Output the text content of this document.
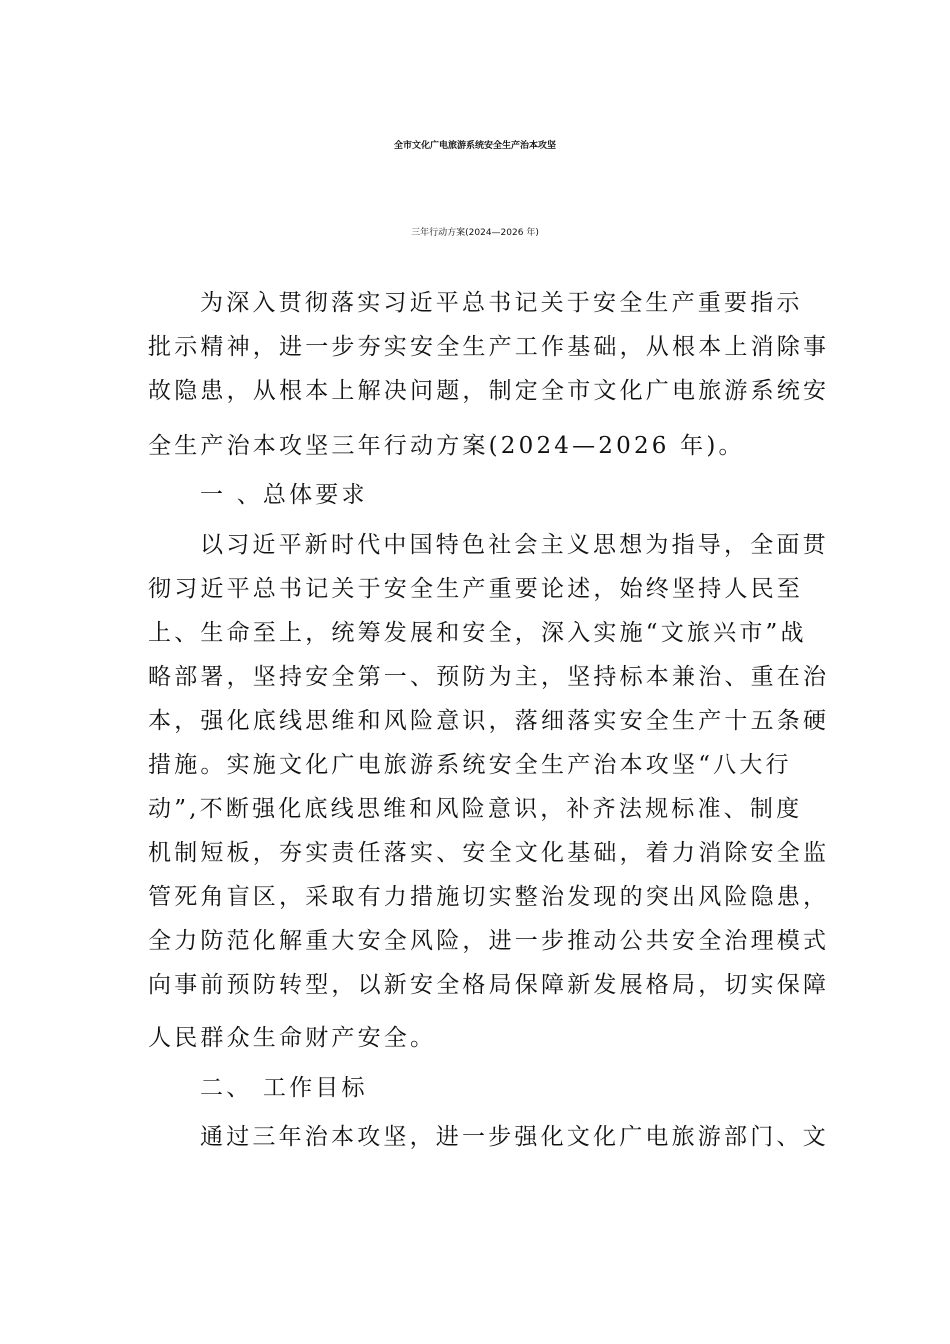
全市文化广电旅游系统安全生产治本攻坚
三年行动方案(2024—2026 年)
为深入贯彻落实习近平总书记关于安全生产重要指示
批示精神，进一步夯实安全生产工作基础，从根本上消除事
故隐患，从根本上解决问题，制定全市文化广电旅游系统安
全生产治本攻坚三年行动方案(2024—2026 年)。
一 、总体要求
以习近平新时代中国特色社会主义思想为指导，全面贯
彻习近平总书记关于安全生产重要论述，始终坚持人民至
上、生命至上，统筹发展和安全，深入实施“文旅兴市”战
略部署，坚持安全第一、预防为主，坚持标本兼治、重在治
本，强化底线思维和风险意识，落细落实安全生产十五条硬
措施。实施文化广电旅游系统安全生产治本攻坚“八大行
动”,不断强化底线思维和风险意识，补齐法规标准、制度
机制短板，夯实责任落实、安全文化基础，着力消除安全监
管死角盲区，采取有力措施切实整治发现的突出风险隐患，
全力防范化解重大安全风险，进一步推动公共安全治理模式
向事前预防转型，以新安全格局保障新发展格局，切实保障
人民群众生命财产安全。
二、 工作目标
通过三年治本攻坚，进一步强化文化广电旅游部门、文
